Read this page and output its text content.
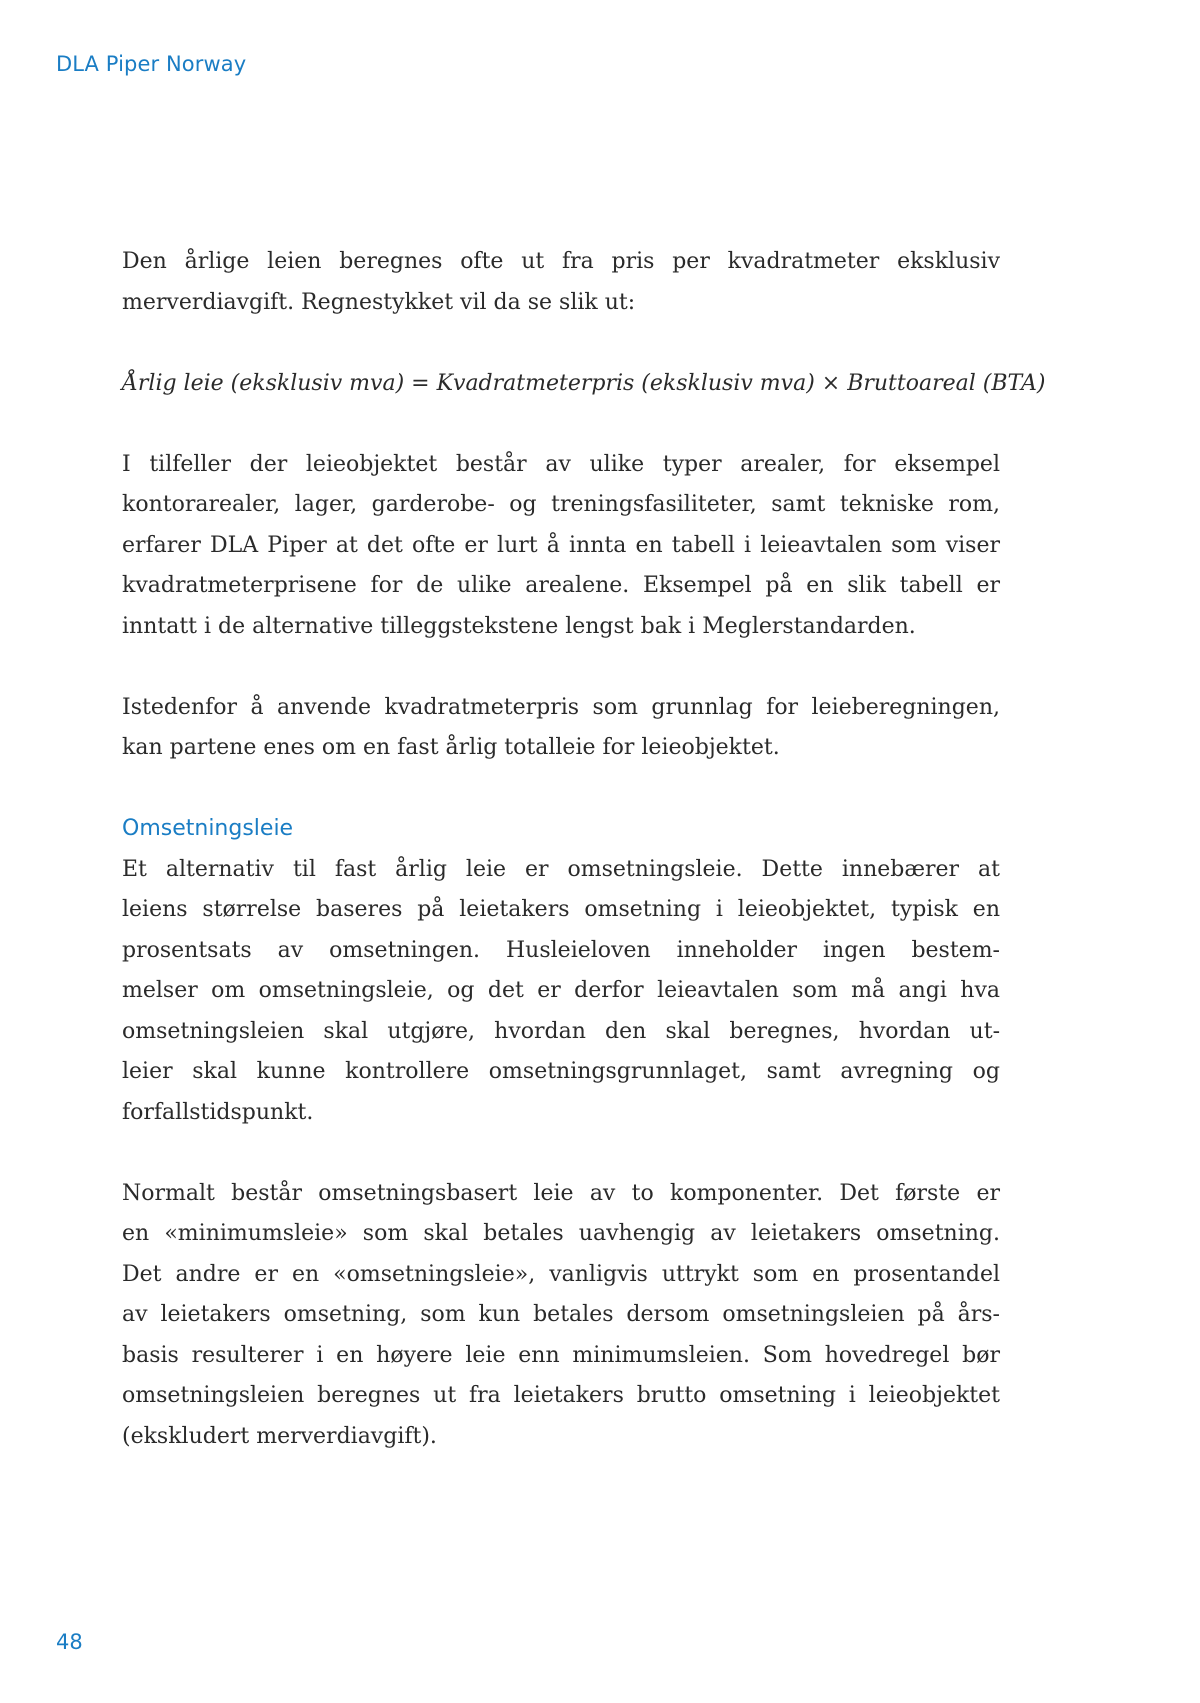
DLA Piper Norway
Den årlige leien beregnes ofte ut fra pris per kvadratmeter eksklusiv
merverdiavgift. Regnestykket vil da se slik ut:
Årlig leie (eksklusiv mva) = Kvadratmeterpris (eksklusiv mva) × Bruttoareal (BTA)
I tilfeller der leieobjektet består av ulike typer arealer, for eksempel
kontorarealer, lager, garderobe- og treningsfasiliteter, samt tekniske rom,
erfarer DLA Piper at det ofte er lurt å innta en tabell i leieavtalen som viser
kvadratmeterprisene for de ulike arealene. Eksempel på en slik tabell er
inntatt i de alternative tilleggstekstene lengst bak i Meglerstandarden.
Istedenfor å anvende kvadratmeterpris som grunnlag for leieberegningen,
kan partene enes om en fast årlig totalleie for leieobjektet.
Omsetningsleie
Et alternativ til fast årlig leie er omsetningsleie. Dette innebærer at
leiens størrelse baseres på leietakers omsetning i leieobjektet, typisk en
prosentsats av omsetningen. Husleieloven inneholder ingen bestem-
melser om omsetningsleie, og det er derfor leieavtalen som må angi hva
omsetningsleien skal utgjøre, hvordan den skal beregnes, hvordan ut-
leier skal kunne kontrollere omsetningsgrunnlaget, samt avregning og
forfallstidspunkt.
Normalt består omsetningsbasert leie av to komponenter. Det første er
en «minimumsleie» som skal betales uavhengig av leietakers omsetning.
Det andre er en «omsetningsleie», vanligvis uttrykt som en prosentandel
av leietakers omsetning, som kun betales dersom omsetningsleien på års-
basis resulterer i en høyere leie enn minimumsleien. Som hovedregel bør
omsetningsleien beregnes ut fra leietakers brutto omsetning i leieobjektet
(ekskludert merverdiavgift).
48
